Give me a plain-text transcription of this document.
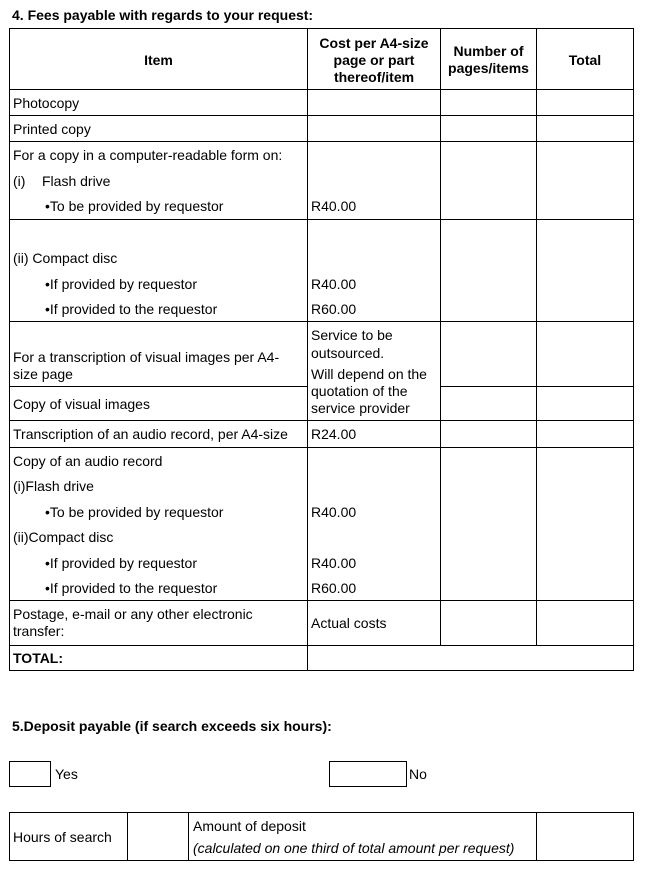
4. Fees payable with regards to your request:
Item
Cost per A4-size
page or part
thereof/item
Number of
pages/items	Total
Photocopy
Printed copy
For a copy in a computer-readable form on:
(i) Flash drive
•To be provided by requestor
(ii) Compact disc
•If provided by requestor
•If provided to the requestor
For a transcription of visual images per A4-
size page
Copy of visual images
Transcription of an audio record, per A4-size
Copy of an audio record
(i)Flash drive
•To be provided by requestor
(ii)Compact disc
•If provided by requestor
•If provided to the requestor
Postage, e-mail or any other electronic
transfer:
TOTAL:
R40.00
R40.00
R60.00
Service to be
outsourced.
Will depend on the
quotation of the
service provider
R24.00
R40.00
R40.00
R60.00
Actual costs
5.Deposit payable (if search exceeds six hours):
Yes	No
Hours of search
Amount of deposit
(calculated on one third of total amount per request)
